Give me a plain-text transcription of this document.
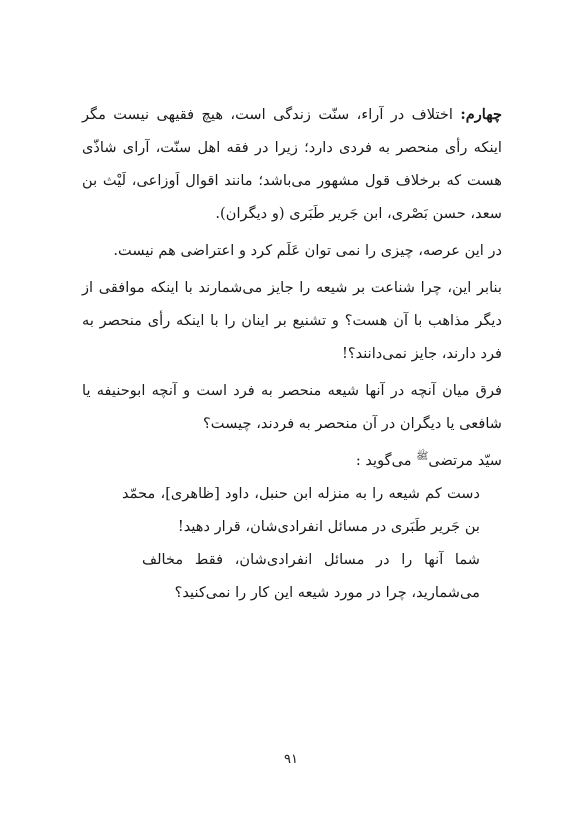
چهارم: اختلاف در آراء، سنّت زندگی است، هیچ فقیهی نیست مگر اینکه رأی منحصر به فردی دارد؛ زیرا در فقه اهل سنّت، آرای شاذّی هست که برخلاف قول مشهور می‌باشد؛ مانند اقوال اَوزاعی، لَیْث بن سعد، حسن بَصْری، ابن جَریر طَبَری (و دیگران).

در این عرصه، چیزی را نمی توان عَلَم کرد و اعتراضی هم نیست.

بنابر این، چرا شناعت بر شیعه را جایز می‌شمارند با اینکه موافقی از دیگر مذاهب با آن هست؟ و تشنیع بر اینان را با اینکه رأی منحصر به فرد دارند، جایز نمی‌دانند؟!

فرق میان آنچه در آنها شیعه منحصر به فرد است و آنچه ابوحنیفه یا شافعی یا دیگران در آن منحصر به فردند، چیست؟

سیّد مرتضی$^ﷺ$ می‌گوید :

دست کم شیعه را به منزله ابن حنبل، داود [ظاهری]، محمّد بن جَریر طَبَری در مسائل انفرادی‌شان، قرار دهید!

شما آنها را در مسائل انفرادی‌شان، فقط مخالف می‌شمارید، چرا در مورد شیعه این کار را نمی‌کنید؟

۹۱
